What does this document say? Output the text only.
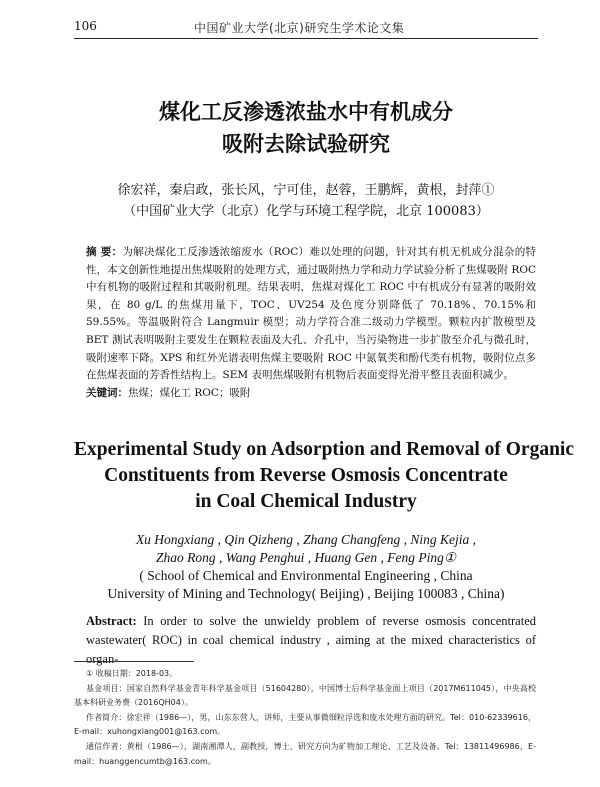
106	中国矿业大学(北京)研究生学术论文集
煤化工反渗透浓盐水中有机成分
吸附去除试验研究
徐宏祥，秦启政，张长风，宁可佳，赵蓉，王鹏辉，黄根，封萍①
（中国矿业大学（北京）化学与环境工程学院，北京 100083）
摘 要：为解决煤化工反渗透浓缩废水（ROC）难以处理的问题，针对其有机无机成分混杂的特性，本文创新性地提出焦煤吸附的处理方式，通过吸附热力学和动力学试验分析了焦煤吸附 ROC 中有机物的吸附过程和其吸附机理。结果表明，焦煤对煤化工 ROC 中有机成分有显著的吸附效果，在 80 g/L 的焦煤用量下，TOC、UV254 及色度分别降低了 70.18%、70.15%和 59.55%。等温吸附符合 Langmuir 模型；动力学符合准二级动力学模型。颗粒内扩散模型及 BET 测试表明吸附主要发生在颗粒表面及大孔、介孔中，当污染物进一步扩散至介孔与微孔时，吸附速率下降。XPS 和红外光谱表明焦煤主要吸附 ROC 中氮氧类和酚代类有机物，吸附位点多在焦煤表面的芳香性结构上。SEM 表明焦煤吸附有机物后表面变得光滑平整且表面积减少。
关键词：焦煤；煤化工 ROC；吸附
Experimental Study on Adsorption and Removal of Organic
Constituents from Reverse Osmosis Concentrate
in Coal Chemical Industry
Xu Hongxiang , Qin Qizheng , Zhang Changfeng , Ning Kejia ,
Zhao Rong , Wang Penghui , Huang Gen , Feng Ping①
( School of Chemical and Environmental Engineering , China
University of Mining and Technology( Beijing) , Beijing 100083 , China)
Abstract: In order to solve the unwieldy problem of reverse osmosis concentrated wastewater( ROC) in coal chemical industry , aiming at the mixed characteristics of organ-
① 收稿日期：2018-03。
基金项目：国家自然科学基金青年科学基金项目（51604280），中国博士后科学基金面上项目（2017M611045），中央高校基本科研业务费（2016QH04）。
作者简介：徐宏祥（1986—），男，山东东营人，讲师，主要从事微细粒浮选和废水处理方面的研究。Tel：010-62339616，E-mail：xuhongxiang001@163.com。
通信作者：黄根（1986—），湖南湘潭人，副教授，博士，研究方向为矿物加工理论、工艺及设备。Tel：13811496986，E-mail：huanggencumtb@163.com。
